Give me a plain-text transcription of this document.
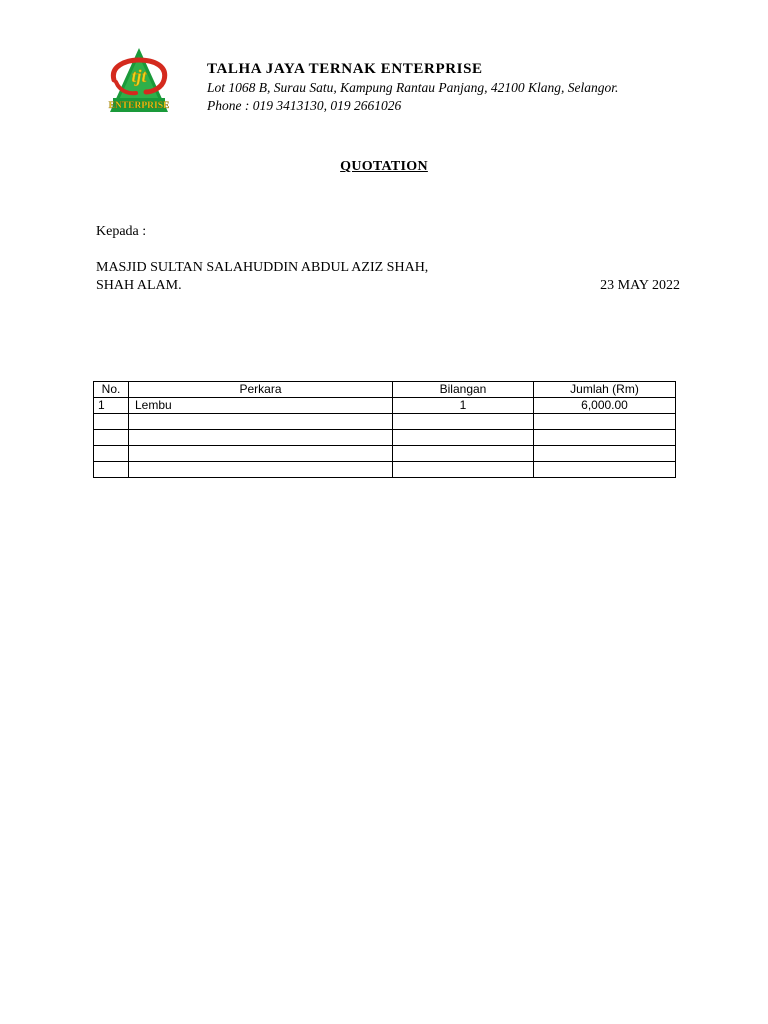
tjt
ENTERPRISE
TALHA JAYA TERNAK ENTERPRISE
Lot 1068 B, Surau Satu, Kampung Rantau Panjang, 42100 Klang, Selangor.
Phone : 019 3413130, 019 2661026
QUOTATION
Kepada :
MASJID SULTAN SALAHUDDIN ABDUL AZIZ SHAH,
SHAH ALAM.	23 MAY 2022
No.	Perkara	Bilangan	Jumlah (Rm)
1	Lembu	1	6,000.00
